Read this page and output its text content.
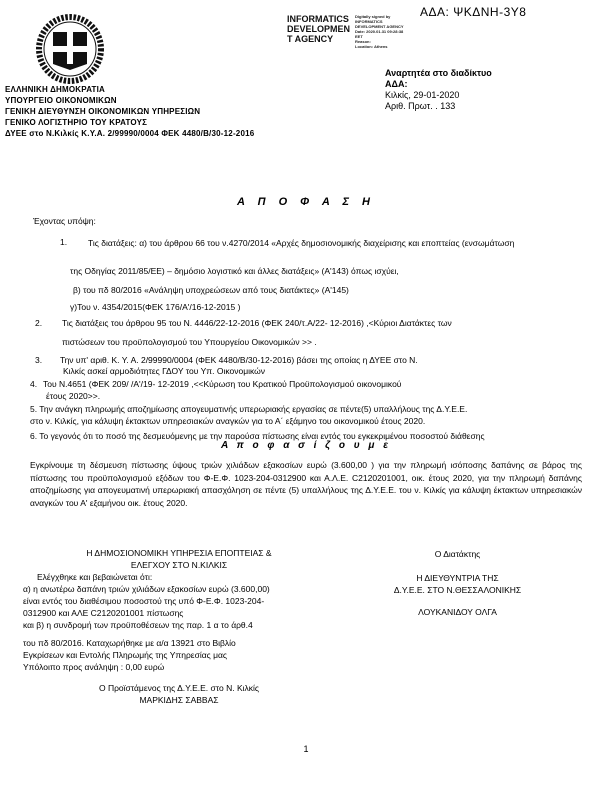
ΑΔΑ: ΨΚΔΝΗ-3Υ8
INFORMATICS
DEVELOPMEN
T AGENCY
Digitally signed by
INFORMATICS
DEVELOPMENT AGENCY
Date: 2020.01.31 09:28:38
EET
Reason:
Location: Athens
ΕΛΛΗΝΙΚΗ ΔΗΜΟΚΡΑΤΙΑ
ΥΠΟΥΡΓΕΙΟ ΟΙΚΟΝΟΜΙΚΩΝ
ΓΕΝΙΚΗ ΔΙΕΥΘΥΝΣΗ ΟΙΚΟΝΟΜΙΚΩΝ ΥΠΗΡΕΣΙΩΝ
ΓΕΝΙΚΟ ΛΟΓΙΣΤΗΡΙΟ ΤΟΥ ΚΡΑΤΟΥΣ
ΔΥΕΕ στο Ν.Κιλκίς Κ.Υ.Α. 2/99990/0004 ΦΕΚ 4480/Β/30-12-2016
Αναρτητέα στο διαδίκτυο
ΑΔΑ:
Κιλκίς, 29-01-2020
Αριθ. Πρωτ. . 133
Α Π Ο Φ Α Σ Η
Έχοντας υπόψη:
1. Τις διατάξεις: α) του άρθρου 66 του ν.4270/2014 «Αρχές δημοσιονομικής διαχείρισης και εποπτείας (ενσωμάτωση
της Οδηγίας 2011/85/ΕΕ) – δημόσιο λογιστικό και άλλες διατάξεις» (Α'143) όπως ισχύει,
β) του πδ 80/2016 «Ανάληψη υποχρεώσεων από τους διατάκτες» (Α'145)
γ)Του ν. 4354/2015(ΦΕΚ 176/Α'/16-12-2015 )
2. Τις διατάξεις του άρθρου 95 του Ν. 4446/22-12-2016 (ΦΕΚ 240/τ.Α/22- 12-2016) ,<Κύριοι Διατάκτες των
πιστώσεων του προϋπολογισμού του Υπουργείου Οικονομικών >> .
3. Την υπ' αριθ. Κ. Υ. Α. 2/99990/0004 (ΦΕΚ 4480/Β/30-12-2016) βάσει της οποίας η ΔΥΕΕ στο Ν.
Κιλκίς ασκεί αρμοδιότητες ΓΔΟΥ του Υπ. Οικονομικών
4. Του Ν.4651 (ΦΕΚ 209/ /Α'/19- 12-2019 ,<<Κύρωση του Κρατικού Προϋπολογισμού οικονομικού
έτους 2020>>.
5. Την ανάγκη πληρωμής αποζημίωσης απογευματινής υπερωριακής εργασίας σε πέντε(5) υπαλλήλους της Δ.Υ.Ε.Ε.
στο ν. Κιλκίς, για κάλυψη έκτακτων υπηρεσιακών αναγκών για το Α΄ εξάμηνο του οικονομικού έτους 2020.
6. Το γεγονός ότι το ποσό της δεσμευόμενης με την παρούσα πίστωσης είναι εντός του εγκεκριμένου ποσοστού διάθεσης
Α π ο φ α σ ί ζ ο υ μ ε
Εγκρίνουμε τη δέσμευση πίστωσης ύψους τριών χιλιάδων εξακοσίων ευρώ (3.600,00 ) για την πληρωμή ισόποσης δαπάνης σε βάρος της πίστωσης του προϋπολογισμού εξόδων του Φ-Ε.Φ. 1023-204-0312900 και Α.Λ.Ε. C2120201001, οικ. έτους 2020, για την πληρωμή δαπάνης αποζημίωσης για απογευματινή υπερωριακή απασχόληση σε πέντε (5) υπαλλήλους της Δ.Υ.Ε.Ε. του ν. Κιλκίς για κάλυψη έκτακτων υπηρεσιακών αναγκών του Α' εξαμήνου οικ. έτους 2020.
Η ΔΗΜΟΣΙΟΝΟΜΙΚΗ ΥΠΗΡΕΣΙΑ ΕΠΟΠΤΕΙΑΣ &
ΕΛΕΓΧΟΥ ΣΤΟ Ν.ΚΙΛΚΙΣ
Ελέγχθηκε και βεβαιώνεται ότι:
α) η ανωτέρω δαπάνη τριών χιλιάδων εξακοσίων ευρώ (3.600,00)
είναι εντός του διαθέσιμου ποσοστού της υπό Φ-Ε.Φ. 1023-204-
0312900 και ΑΛΕ C2120201001 πίστωσης
και β) η συνδρομή των προϋποθέσεων της παρ. 1 α το άρθ.4
του πδ 80/2016. Καταχωρήθηκε με α/α 13921 στο Βιβλίο
Εγκρίσεων και Εντολής Πληρωμής της Υπηρεσίας μας
Υπόλοιπο προς ανάληψη : 0,00 ευρώ
Ο Προϊστάμενος της Δ.Υ.Ε.Ε. στο Ν. Κιλκίς
ΜΑΡΚΙΔΗΣ ΣΑΒΒΑΣ
Ο Διατάκτης
Η ΔΙΕΥΘΥΝΤΡΙΑ ΤΗΣ
Δ.Υ.Ε.Ε. ΣΤΟ Ν.ΘΕΣΣΑΛΟΝΙΚΗΣ
ΛΟΥΚΑΝΙΔΟΥ ΟΛΓΑ
1
